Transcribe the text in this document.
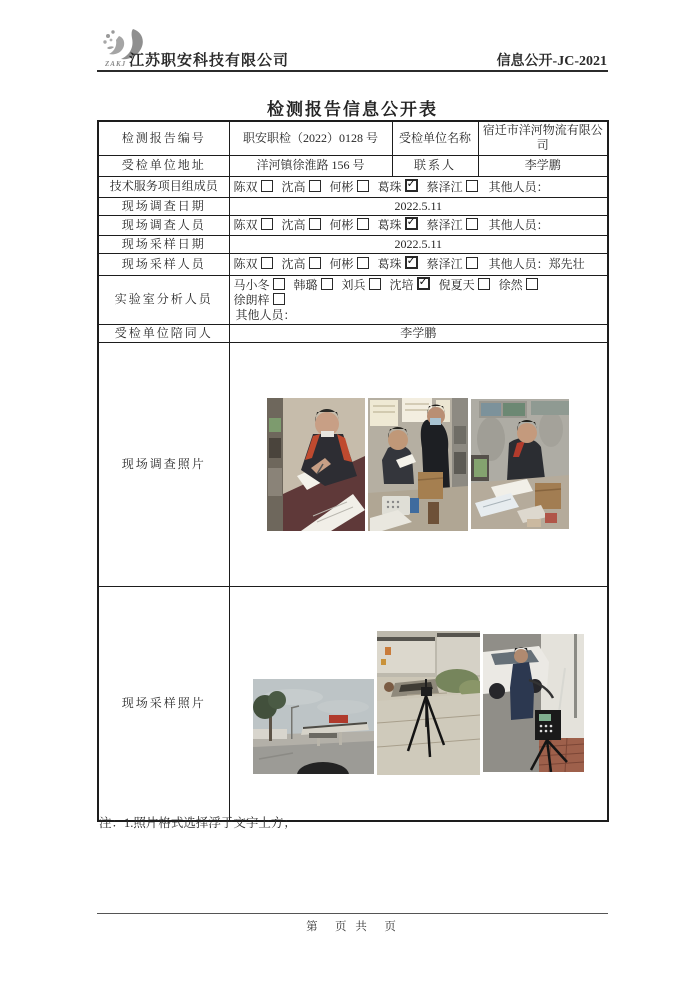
ZAKJ 江苏职安科技有限公司	信息公开-JC-2021
检测报告信息公开表
检测报告编号	职安职检（2022）0128 号	受检单位名称	宿迁市洋河物流有限公司
受检单位地址	洋河镇徐淮路 156 号	联系人	李学鹏
技术服务项目组成员	陈双 沈高 何彬 葛珠 ✓ 蔡泽江 其他人员：
现场调查日期	2022.5.11		
现场调查人员	陈双 沈高 何彬 葛珠 ✓ 蔡泽江 其他人员：
现场采样日期	2022.5.11		
现场采样人员	陈双 沈高 何彬 葛珠 ✓ 蔡泽江 其他人员：郑先壮
实验室分析人员	马小冬 韩璐 刘兵 沈培 ✓ 倪夏天 徐然徐朗梓
其他人员：
受检单位陪同人	李学鹏		
现场调查照片	

现场采样照片	
注：1.照片格式选择浮于文字上方；
第　页 共　页
